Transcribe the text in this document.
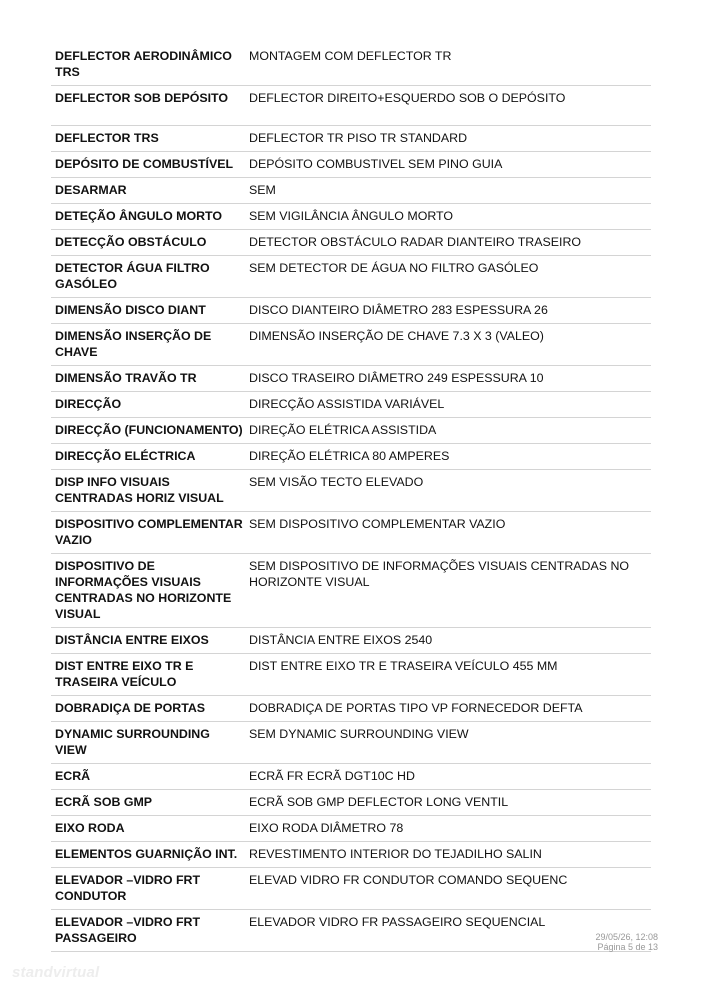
DEFLECTOR AERODINÂMICO TRS	MONTAGEM COM DEFLECTOR TR
DEFLECTOR SOB DEPÓSITO	DEFLECTOR DIREITO+ESQUERDO SOB O DEPÓSITO
DEFLECTOR TRS	DEFLECTOR TR PISO TR STANDARD
DEPÓSITO DE COMBUSTÍVEL	DEPÓSITO COMBUSTIVEL SEM PINO GUIA
DESARMAR	SEM
DETEÇÃO ÂNGULO MORTO	SEM VIGILÂNCIA ÂNGULO MORTO
DETECÇÃO OBSTÁCULO	DETECTOR OBSTÁCULO RADAR DIANTEIRO TRASEIRO
DETECTOR ÁGUA FILTRO GASÓLEO	SEM DETECTOR DE ÁGUA NO FILTRO GASÓLEO
DIMENSÃO DISCO DIANT	DISCO DIANTEIRO DIÂMETRO 283 ESPESSURA 26
DIMENSÃO INSERÇÃO DE CHAVE	DIMENSÃO INSERÇÃO DE CHAVE 7.3 X 3 (VALEO)
DIMENSÃO TRAVÃO TR	DISCO TRASEIRO DIÂMETRO 249 ESPESSURA 10
DIRECÇÃO	DIRECÇÃO ASSISTIDA VARIÁVEL
DIRECÇÃO (FUNCIONAMENTO)	DIREÇÃO ELÉTRICA ASSISTIDA
DIRECÇÃO ELÉCTRICA	DIREÇÃO ELÉTRICA 80 AMPERES
DISP INFO VISUAIS CENTRADAS HORIZ VISUAL	SEM VISÃO TECTO ELEVADO
DISPOSITIVO COMPLEMENTAR VAZIO	SEM DISPOSITIVO COMPLEMENTAR VAZIO
DISPOSITIVO DE INFORMAÇÕES VISUAIS CENTRADAS NO HORIZONTE VISUAL	SEM DISPOSITIVO DE INFORMAÇÕES VISUAIS CENTRADAS NO HORIZONTE VISUAL
DISTÂNCIA ENTRE EIXOS	DISTÂNCIA ENTRE EIXOS 2540
DIST ENTRE EIXO TR E TRASEIRA VEÍCULO	DIST ENTRE EIXO TR E TRASEIRA VEÍCULO 455 MM
DOBRADIÇA DE PORTAS	DOBRADIÇA DE PORTAS TIPO VP FORNECEDOR DEFTA
DYNAMIC SURROUNDING VIEW	SEM DYNAMIC SURROUNDING VIEW
ECRÃ	ECRÃ FR ECRÃ DGT10C HD
ECRÃ SOB GMP	ECRÃ SOB GMP DEFLECTOR LONG VENTIL
EIXO RODA	EIXO RODA DIÂMETRO 78
ELEMENTOS GUARNIÇÃO INT.	REVESTIMENTO INTERIOR DO TEJADILHO SALIN
ELEVADOR –VIDRO FRT CONDUTOR	ELEVAD VIDRO FR CONDUTOR COMANDO SEQUENC
ELEVADOR –VIDRO FRT PASSAGEIRO	ELEVADOR VIDRO FR PASSAGEIRO SEQUENCIAL
29/05/26, 12:08
Página 5 de 13
standvirtual
